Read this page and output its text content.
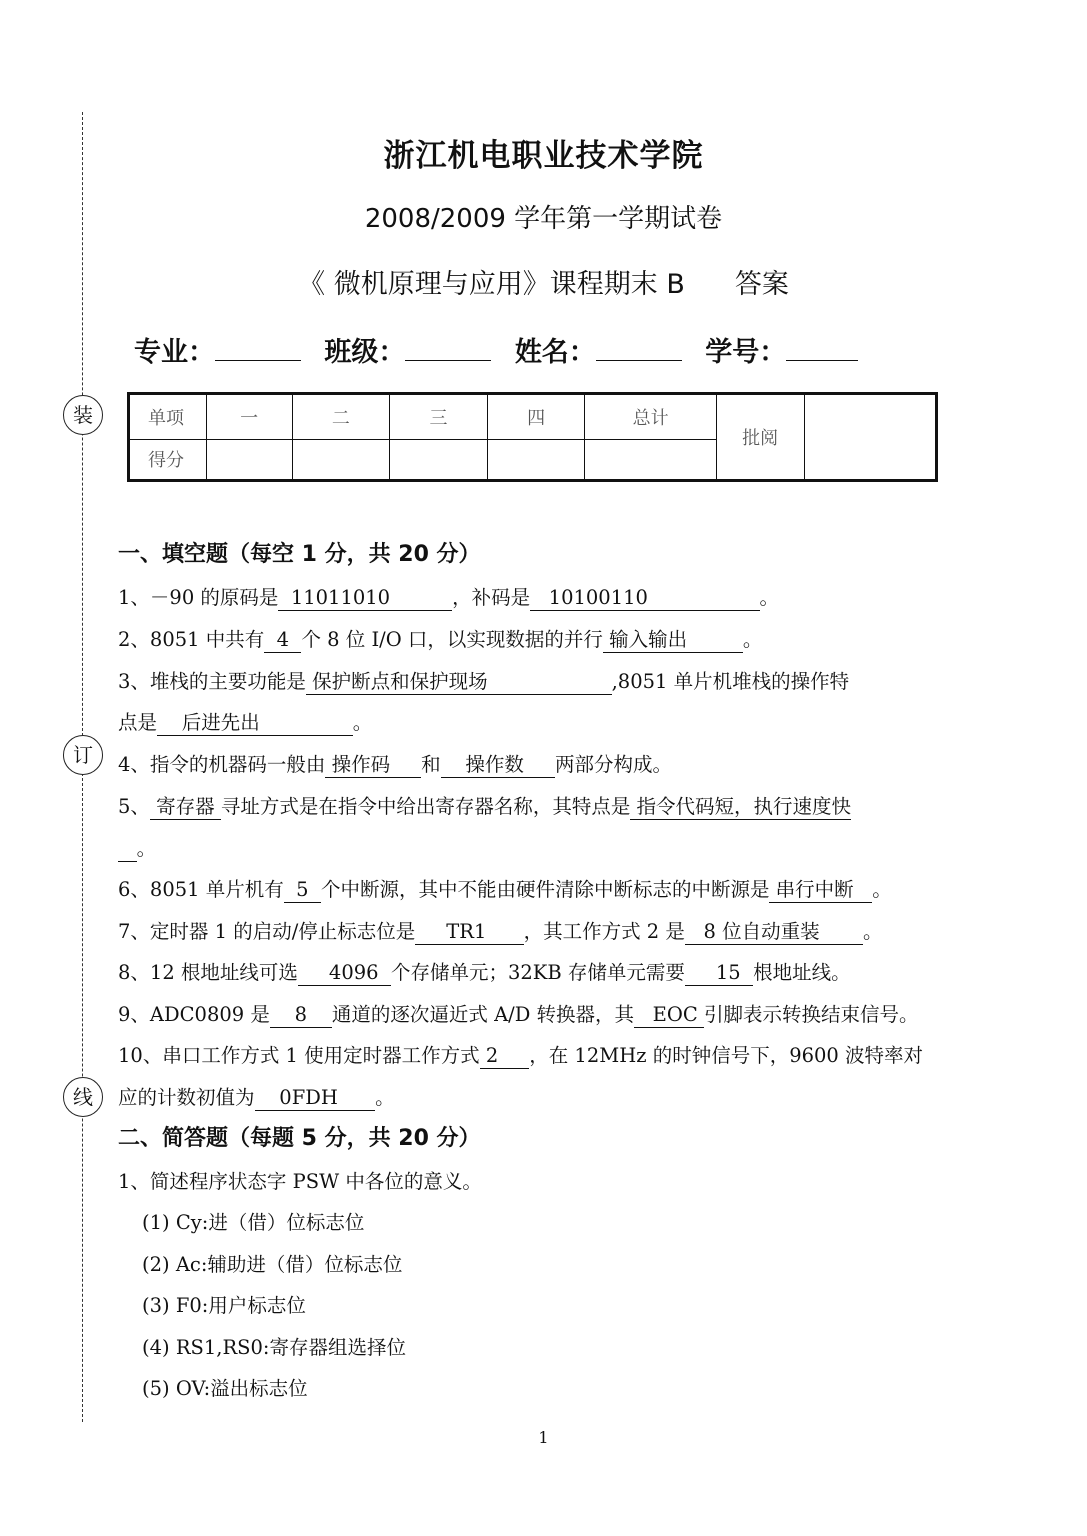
装
订
线
浙江机电职业技术学院
2008/2009 学年第一学期试卷
《 微机原理与应用》课程期末 B 答案
专业：	班级：	姓名：	学号：
单项	一	二	三	四	总计	批阅	
得分							
一、填空题（每空 1 分，共 20 分）
1、－90 的原码是  11011010          ，补码是   10100110                  。
2、8051 中共有  4  个 8 位 I/O 口，以实现数据的并行 输入输出         。
3、堆栈的主要功能是 保护断点和保护现场                    ,8051 单片机堆栈的操作特
点是    后进先出               。
4、指令的机器码一般由 操作码     和    操作数     两部分构成。
5、 寄存器 寻址方式是在指令中给出寄存器名称，其特点是 指令代码短，执行速度快
。
6、8051 单片机有  5  个中断源，其中不能由硬件清除中断标志的中断源是 串行中断   。
7、定时器 1 的启动/停止标志位是     TR1      ，其工作方式 2 是   8 位自动重装       。
8、12 根地址线可选     4096  个存储单元；32KB 存储单元需要     15  根地址线。
9、ADC0809 是    8    通道的逐次逼近式 A/D 转换器，其   EOC 引脚表示转换结束信号。
10、串口工作方式 1 使用定时器工作方式 2     ，在 12MHz 的时钟信号下，9600 波特率对
应的计数初值为    0FDH      。
二、简答题（每题 5 分，共 20 分）
1、简述程序状态字 PSW 中各位的意义。
(1) Cy:进（借）位标志位
(2) Ac:辅助进（借）位标志位
(3) F0:用户标志位
(4) RS1,RS0:寄存器组选择位
(5) OV:溢出标志位
1
